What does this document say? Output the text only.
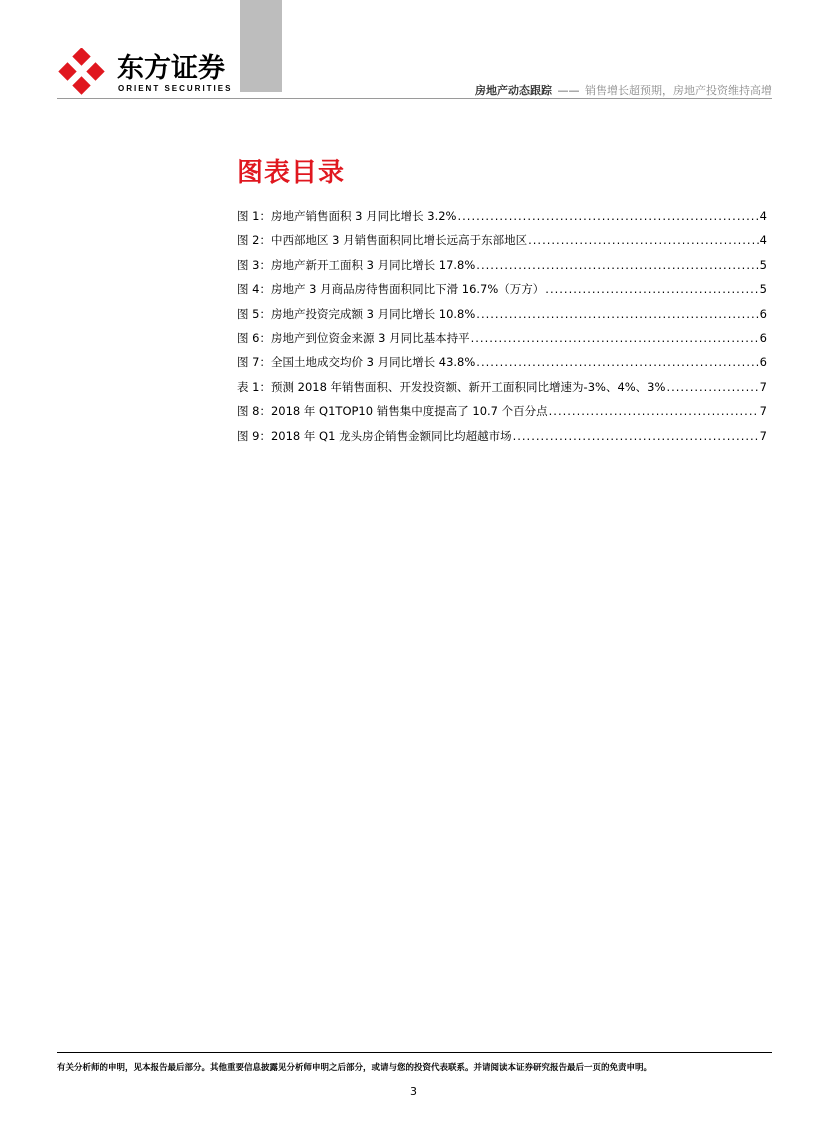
东方证券
ORIENT SECURITIES	房地产动态跟踪 —— 销售增长超预期，房地产投资维持高增
图表目录
图 1：房地产销售面积 3 月同比增长 3.2% .....	4
图 2：中西部地区 3 月销售面积同比增长远高于东部地区 .....	4
图 3：房地产新开工面积 3 月同比增长 17.8% .....	5
图 4：房地产 3 月商品房待售面积同比下滑 16.7%（万方） .....	5
图 5：房地产投资完成额 3 月同比增长 10.8% .....	6
图 6：房地产到位资金来源 3 月同比基本持平 .....	6
图 7：全国土地成交均价 3 月同比增长 43.8% .....	6
表 1：预测 2018 年销售面积、开发投资额、新开工面积同比增速为-3%、4%、3% .....	7
图 8：2018 年 Q1TOP10 销售集中度提高了 10.7 个百分点 .....	7
图 9：2018 年 Q1 龙头房企销售金额同比均超越市场 .....	7
有关分析师的申明，见本报告最后部分。其他重要信息披露见分析师申明之后部分，或请与您的投资代表联系。并请阅读本证券研究报告最后一页的免责申明。
3
